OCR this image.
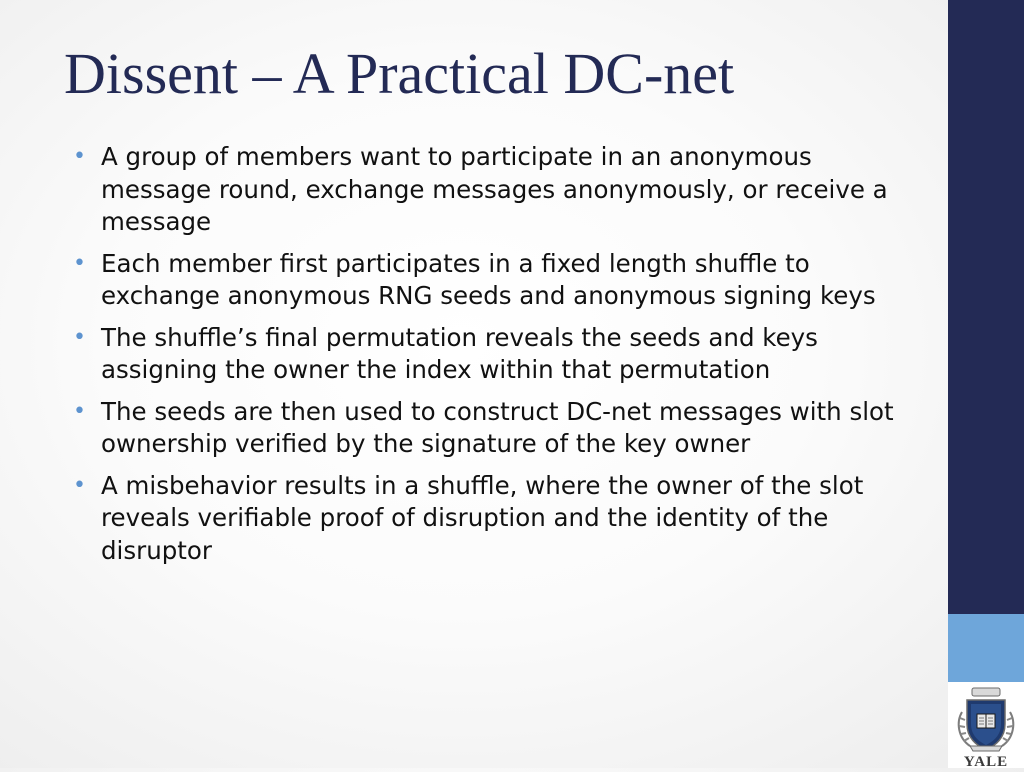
Dissent – A Practical DC-net
• A group of members want to participate in an anonymous message round, exchange messages anonymously, or receive a message
• Each member first participates in a fixed length shuffle to exchange anonymous RNG seeds and anonymous signing keys
• The shuffle’s final permutation reveals the seeds and keys assigning the owner the index within that permutation
• The seeds are then used to construct DC-net messages with slot ownership verified by the signature of the key owner
• A misbehavior results in a shuffle, where the owner of the slot reveals verifiable proof of disruption and the identity of the disruptor
YALE
